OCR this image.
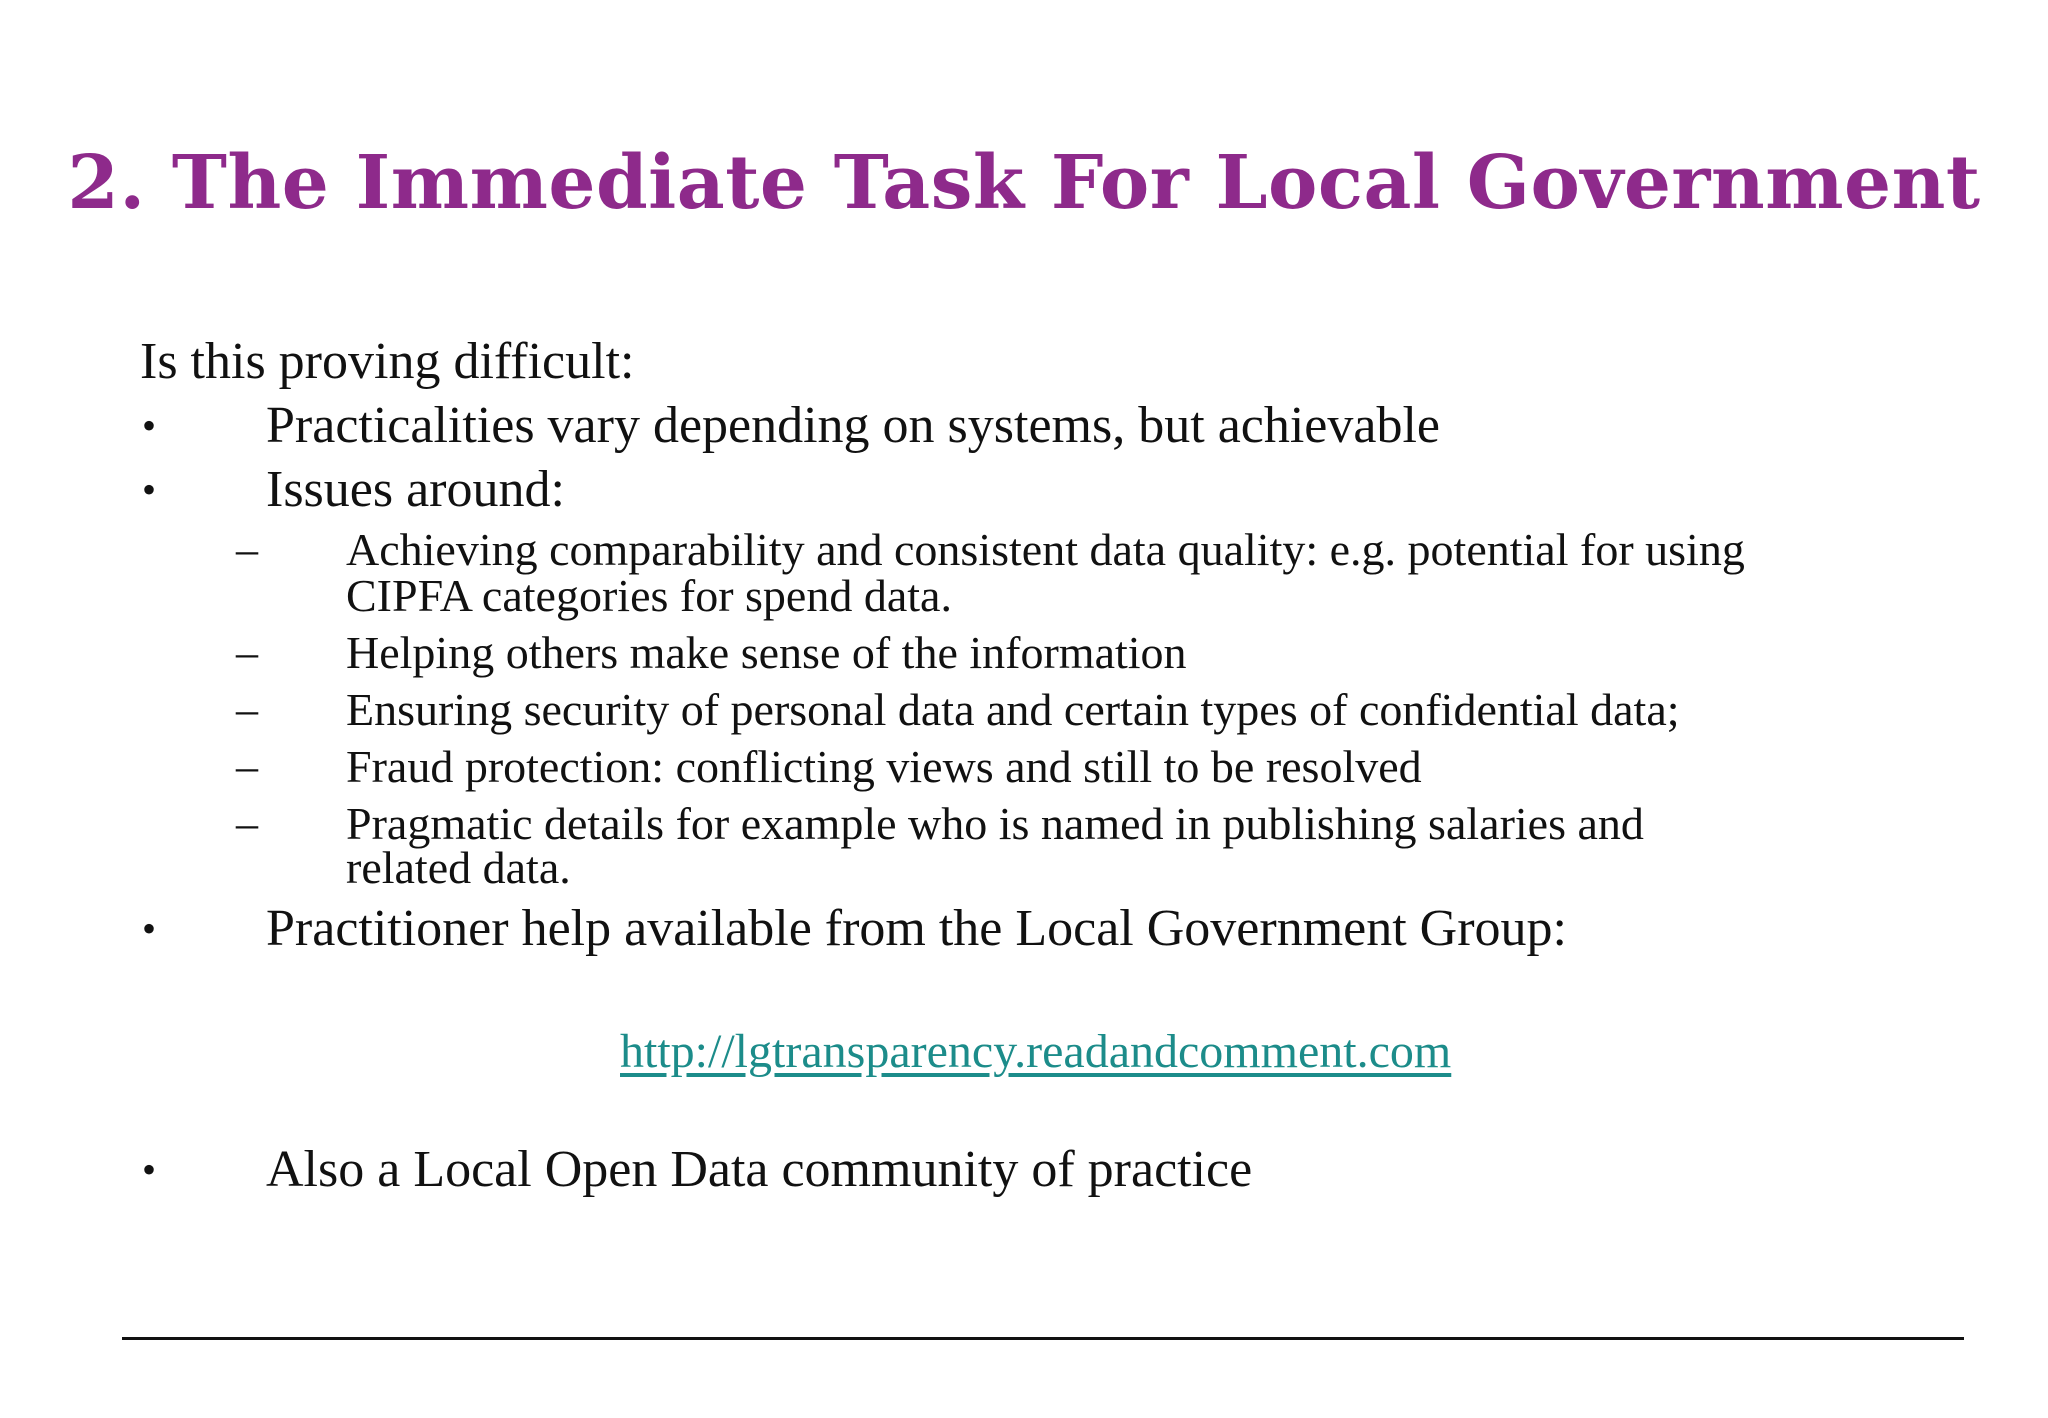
2. The Immediate Task For Local Government
Is this proving difficult:
• Practicalities vary depending on systems, but achievable
• Issues around:
– Achieving comparability and consistent data quality: e.g. potential for using
CIPFA categories for spend data.
– Helping others make sense of the information
– Ensuring security of personal data and certain types of confidential data;
– Fraud protection: conflicting views and still to be resolved
– Pragmatic details for example who is named in publishing salaries and
related data.
• Practitioner help available from the Local Government Group:
http://lgtransparency.readandcomment.com
• Also a Local Open Data community of practice
